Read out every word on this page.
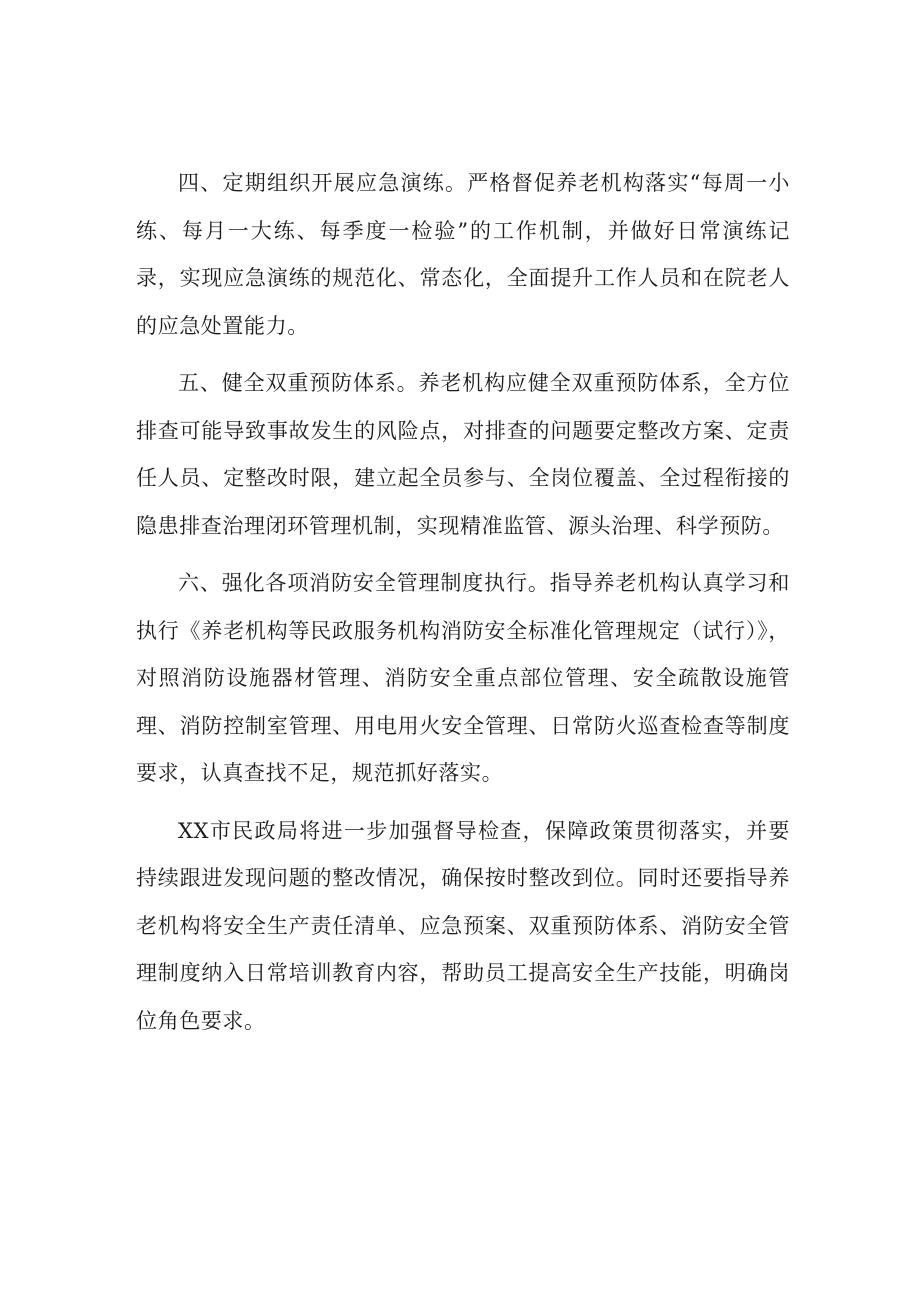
四、定期组织开展应急演练。严格督促养老机构落实“每周一小练、每月一大练、每季度一检验”的工作机制，并做好日常演练记录，实现应急演练的规范化、常态化，全面提升工作人员和在院老人的应急处置能力。

五、健全双重预防体系。养老机构应健全双重预防体系，全方位排查可能导致事故发生的风险点，对排查的问题要定整改方案、定责任人员、定整改时限，建立起全员参与、全岗位覆盖、全过程衔接的隐患排查治理闭环管理机制，实现精准监管、源头治理、科学预防。

六、强化各项消防安全管理制度执行。指导养老机构认真学习和执行《养老机构等民政服务机构消防安全标准化管理规定（试行）》，对照消防设施器材管理、消防安全重点部位管理、安全疏散设施管理、消防控制室管理、用电用火安全管理、日常防火巡查检查等制度要求，认真查找不足，规范抓好落实。

XX市民政局将进一步加强督导检查，保障政策贯彻落实，并要持续跟进发现问题的整改情况，确保按时整改到位。同时还要指导养老机构将安全生产责任清单、应急预案、双重预防体系、消防安全管理制度纳入日常培训教育内容，帮助员工提高安全生产技能，明确岗位角色要求。
